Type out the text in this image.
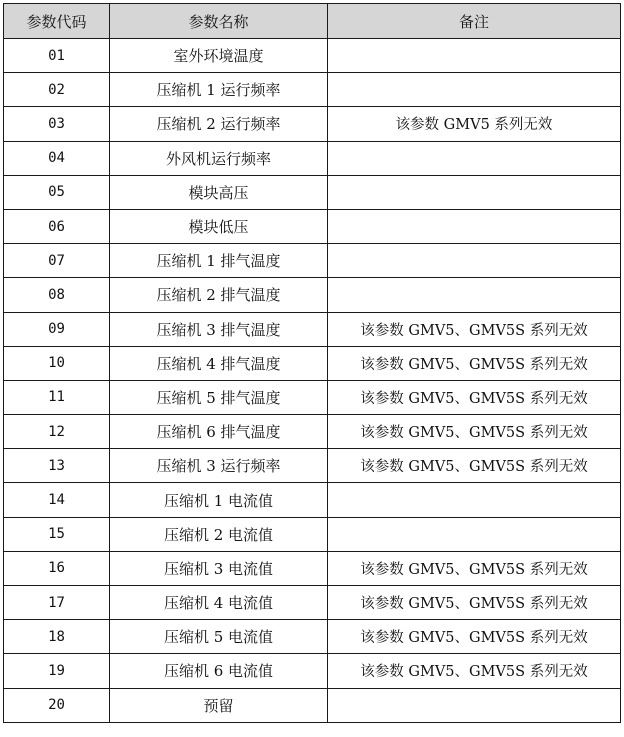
参数代码	参数名称	备注
01	室外环境温度	
02	压缩机 1 运行频率	
03	压缩机 2 运行频率	该参数 GMV5 系列无效
04	外风机运行频率	
05	模块高压	
06	模块低压	
07	压缩机 1 排气温度	
08	压缩机 2 排气温度	
09	压缩机 3 排气温度	该参数 GMV5、GMV5S 系列无效
10	压缩机 4 排气温度	该参数 GMV5、GMV5S 系列无效
11	压缩机 5 排气温度	该参数 GMV5、GMV5S 系列无效
12	压缩机 6 排气温度	该参数 GMV5、GMV5S 系列无效
13	压缩机 3 运行频率	该参数 GMV5、GMV5S 系列无效
14	压缩机 1 电流值	
15	压缩机 2 电流值	
16	压缩机 3 电流值	该参数 GMV5、GMV5S 系列无效
17	压缩机 4 电流值	该参数 GMV5、GMV5S 系列无效
18	压缩机 5 电流值	该参数 GMV5、GMV5S 系列无效
19	压缩机 6 电流值	该参数 GMV5、GMV5S 系列无效
20	预留	
